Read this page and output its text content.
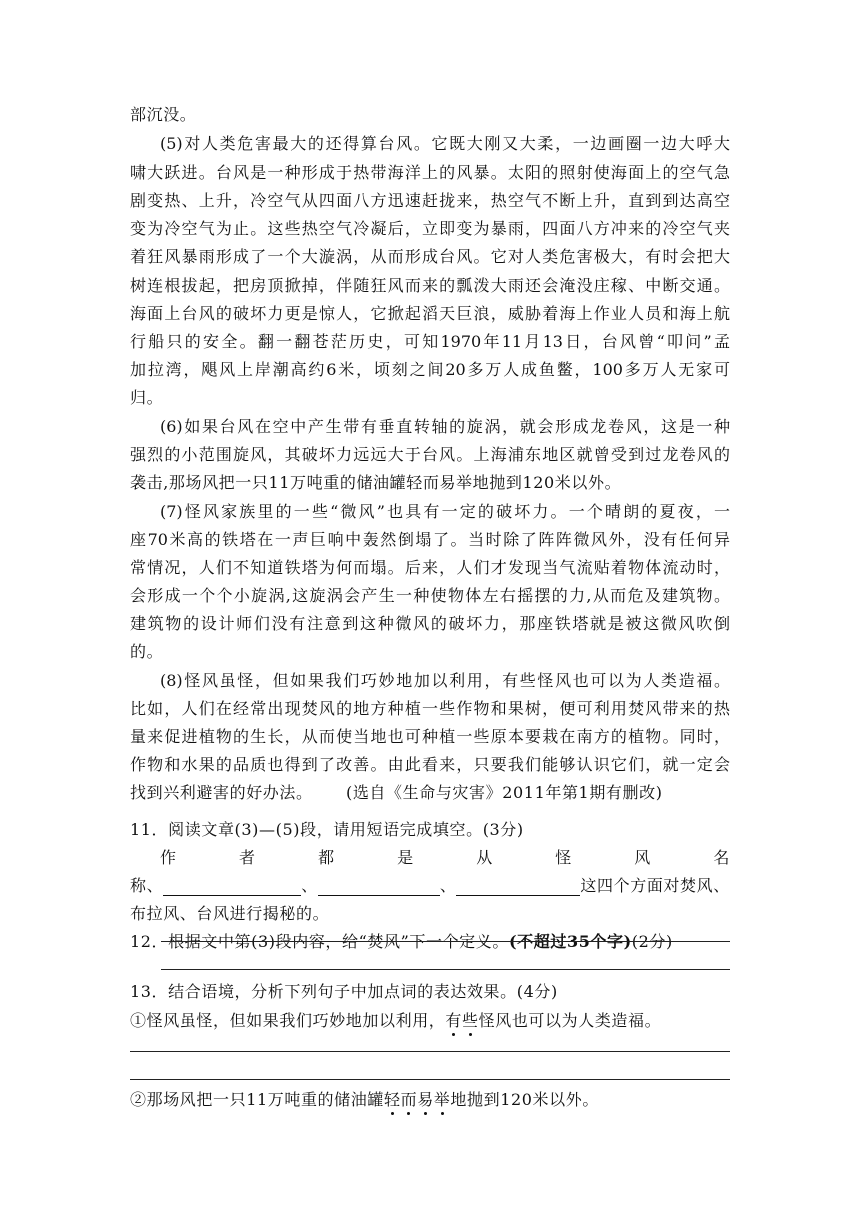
部沉没。
(5)对人类危害最大的还得算台风。它既大刚又大柔，一边画圈一边大呼大
啸大跃进。台风是一种形成于热带海洋上的风暴。太阳的照射使海面上的空气急
剧变热、上升，冷空气从四面八方迅速赶拢来，热空气不断上升，直到到达高空
变为冷空气为止。这些热空气冷凝后，立即变为暴雨，四面八方冲来的冷空气夹
着狂风暴雨形成了一个大漩涡，从而形成台风。它对人类危害极大，有时会把大
树连根拔起，把房顶掀掉，伴随狂风而来的瓢泼大雨还会淹没庄稼、中断交通。
海面上台风的破坏力更是惊人，它掀起滔天巨浪，威胁着海上作业人员和海上航
行船只的安全。翻一翻苍茫历史，可知1970年11月13日，台风曾“叩问”孟
加拉湾，飓风上岸潮高约6米，顷刻之间20多万人成鱼鳖，100多万人无家可
归。
(6)如果台风在空中产生带有垂直转轴的旋涡，就会形成龙卷风，这是一种
强烈的小范围旋风，其破坏力远远大于台风。上海浦东地区就曾受到过龙卷风的
袭击,那场风把一只11万吨重的储油罐轻而易举地抛到120米以外。
(7)怪风家族里的一些“微风”也具有一定的破坏力。一个晴朗的夏夜，一
座70米高的铁塔在一声巨响中轰然倒塌了。当时除了阵阵微风外，没有任何异
常情况，人们不知道铁塔为何而塌。后来，人们才发现当气流贴着物体流动时，
会形成一个个小旋涡,这旋涡会产生一种使物体左右摇摆的力,从而危及建筑物。
建筑物的设计师们没有注意到这种微风的破坏力，那座铁塔就是被这微风吹倒
的。
(8)怪风虽怪，但如果我们巧妙地加以利用，有些怪风也可以为人类造福。
比如，人们在经常出现焚风的地方种植一些作物和果树，便可利用焚风带来的热
量来促进植物的生长，从而使当地也可种植一些原本要栽在南方的植物。同时，
作物和水果的品质也得到了改善。由此看来，只要我们能够认识它们，就一定会
找到兴利避害的好办法。 (选自《生命与灾害》2011年第1期有删改)
11．阅读文章(3)—(5)段，请用短语完成填空。(3分)
作	者	都	是	从	怪	风	名
称、	、	、	这四个方面对焚风、
布拉风、台风进行揭秘的。
12．根据文中第(3)段内容，给“焚风”下一个定义。(不超过35个字)(2分)
13．结合语境，分析下列句子中加点词的表达效果。(4分)
①怪风虽怪，但如果我们巧妙地加以利用，有些怪风也可以为人类造福。
②那场风把一只11万吨重的储油罐轻而易举地抛到120米以外。
